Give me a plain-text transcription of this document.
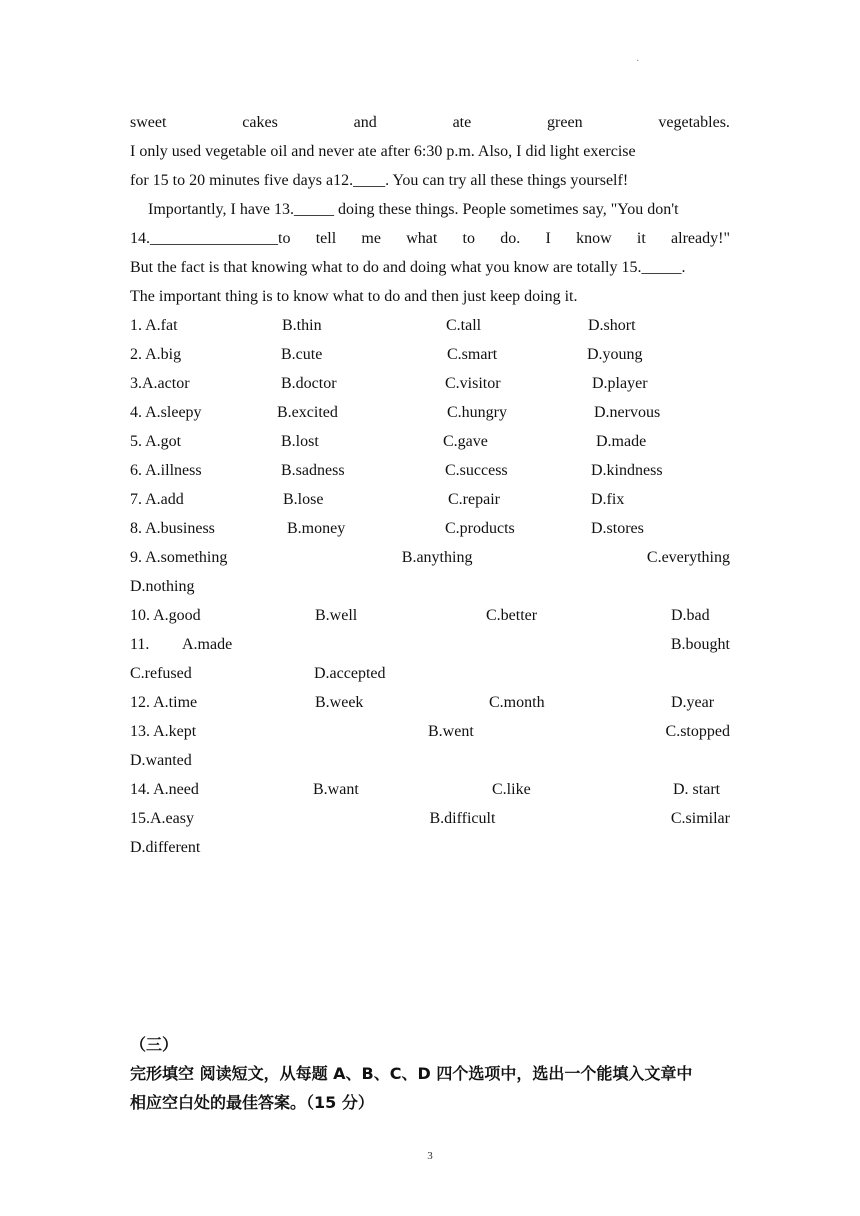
·
sweet	cakes	and	ate	green	vegetables.
I only used vegetable oil and never ate after 6:30 p.m. Also, I did light exercise
for 15 to 20 minutes five days a12.____. You can try all these things yourself!
Importantly, I have 13._____ doing these things. People sometimes say, "You don't
14.________________to tell me what to do. I know it already!"
But the fact is that knowing what to do and doing what you know are totally 15._____.
The important thing is to know what to do and then just keep doing it.
1. A.fat	B.thin	C.tall	D.short
2. A.big	B.cute	C.smart	D.young
3.A.actor	B.doctor	C.visitor	D.player
4. A.sleepy	B.excited	C.hungry	D.nervous
5. A.got	B.lost	C.gave	D.made
6. A.illness	B.sadness	C.success	D.kindness
7. A.add	B.lose	C.repair	D.fix
8. A.business	B.money	C.products	D.stores
9. A.something	B.anything	C.everything
D.nothing
10. A.good	B.well	C.better	D.bad
11. A.made	B.bought
C.refused	D.accepted
12. A.time	B.week	C.month	D.year
13. A.kept	B.went	C.stopped
D.wanted
14. A.need	B.want	C.like	D. start
15.A.easy	B.difficult	C.similar
D.different
（三）
完形填空 阅读短文，从每题 A、B、C、D 四个选项中，选出一个能填入文章中
相应空白处的最佳答案。（15 分）
3
